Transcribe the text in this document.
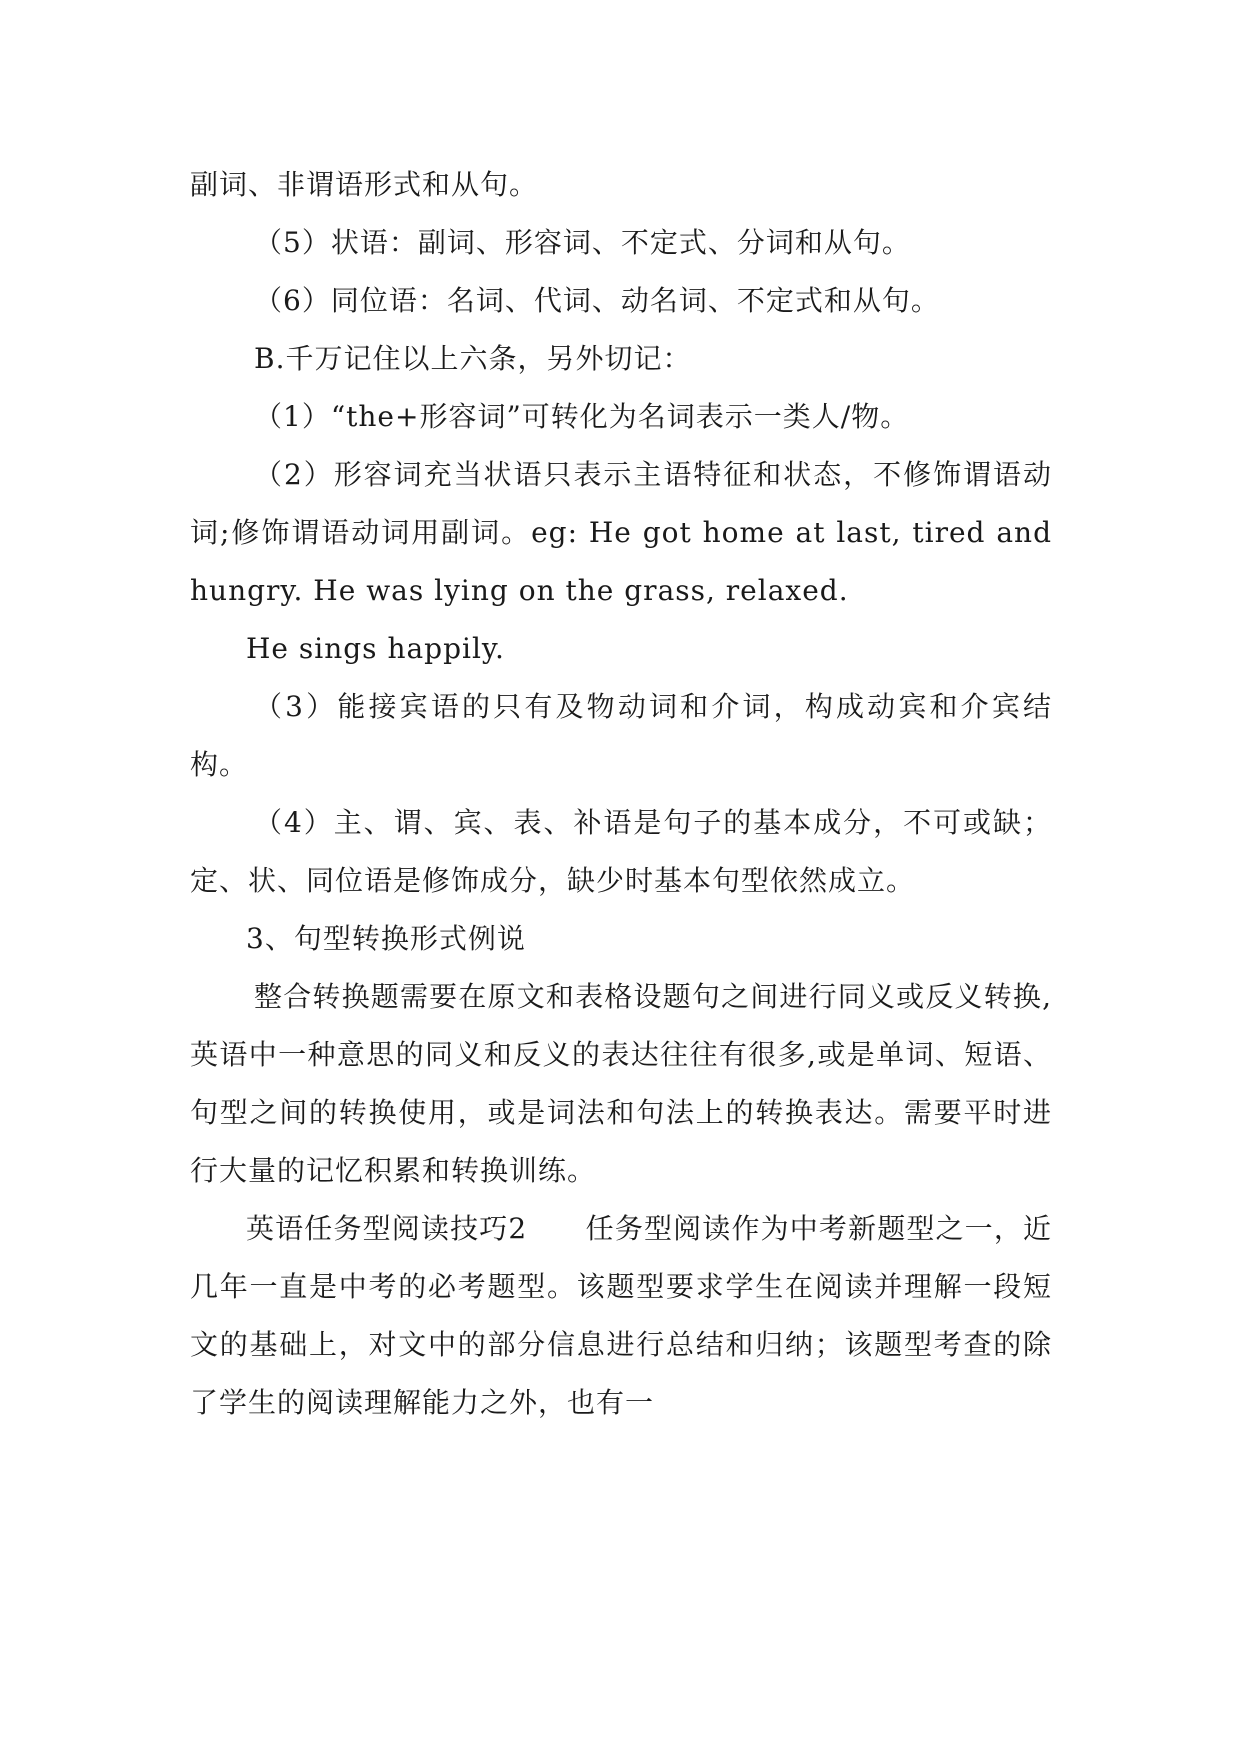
副词、非谓语形式和从句。

（5）状语：副词、形容词、不定式、分词和从句。

（6）同位语：名词、代词、动名词、不定式和从句。

B.千万记住以上六条，另外切记：

（1）“the+形容词”可转化为名词表示一类人/物。

（2）形容词充当状语只表示主语特征和状态，不修饰谓语动词;修饰谓语动词用副词。eg: He got home at last, tired and hungry. He was lying on the grass, relaxed.

He sings happily.

（3）能接宾语的只有及物动词和介词，构成动宾和介宾结构。

（4）主、谓、宾、表、补语是句子的基本成分，不可或缺；定、状、同位语是修饰成分，缺少时基本句型依然成立。

3、句型转换形式例说

整合转换题需要在原文和表格设题句之间进行同义或反义转换,英语中一种意思的同义和反义的表达往往有很多,或是单词、短语、句型之间的转换使用，或是词法和句法上的转换表达。需要平时进行大量的记忆积累和转换训练。

英语任务型阅读技巧2　　任务型阅读作为中考新题型之一，近几年一直是中考的必考题型。该题型要求学生在阅读并理解一段短文的基础上，对文中的部分信息进行总结和归纳；该题型考查的除了学生的阅读理解能力之外，也有一
